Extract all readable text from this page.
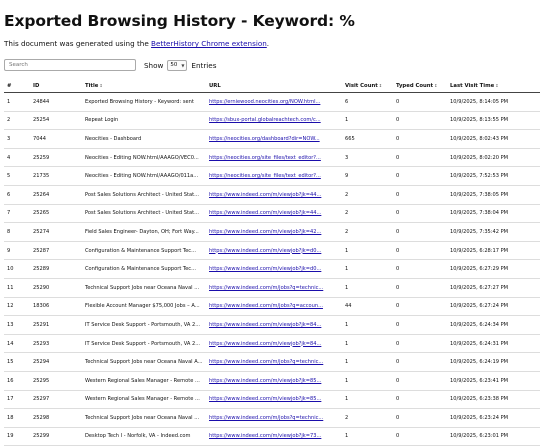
Exported Browsing History - Keyword: %
This document was generated using the BetterHistory Chrome extension.
Search
Show 50 ▼ Entries
#	ID	Title↕	URL	Visit Count↕	Typed Count↕	Last Visit Time↕
1	24844	Exported Browsing History - Keyword: sent	https://erniewood.neocities.org/NOW.html...	6	0	10/9/2025, 8:14:05 PM
2	25254	Repeat Login	https://sbux-portal.globalreachtech.com/c...	1	0	10/9/2025, 8:13:55 PM
3	7044	Neocities - Dashboard	https://neocities.org/dashboard?dir=NOW...	665	0	10/9/2025, 8:02:43 PM
4	25259	Neocities - Editing NOW.html/AAAGO/VEC0...	https://neocities.org/site_files/text_editor?...	3	0	10/9/2025, 8:02:20 PM
5	21735	Neocities - Editing NOW.html/AAAGO/011a...	https://neocities.org/site_files/text_editor?...	9	0	10/9/2025, 7:52:53 PM
6	25264	Post Sales Solutions Architect - United Stat...	https://www.indeed.com/m/viewjob?jk=44...	2	0	10/9/2025, 7:38:05 PM
7	25265	Post Sales Solutions Architect - United Stat...	https://www.indeed.com/m/viewjob?jk=44...	2	0	10/9/2025, 7:38:04 PM
8	25274	Field Sales Engineer- Dayton, OH; Fort Way...	https://www.indeed.com/m/viewjob?jk=42...	2	0	10/9/2025, 7:35:42 PM
9	25287	Configuration & Maintenance Support Tec...	https://www.indeed.com/m/viewjob?jk=d0...	1	0	10/9/2025, 6:28:17 PM
10	25289	Configuration & Maintenance Support Tec...	https://www.indeed.com/m/viewjob?jk=d0...	1	0	10/9/2025, 6:27:29 PM
11	25290	Technical Support Jobs near Oceana Naval ...	https://www.indeed.com/m/jobs?q=technic...	1	0	10/9/2025, 6:27:27 PM
12	18306	Flexible Account Manager $75,000 Jobs – A...	https://www.indeed.com/m/jobs?q=accoun...	44	0	10/9/2025, 6:27:24 PM
13	25291	IT Service Desk Support - Portsmouth, VA 2...	https://www.indeed.com/m/viewjob?jk=84...	1	0	10/9/2025, 6:24:34 PM
14	25293	IT Service Desk Support - Portsmouth, VA 2...	https://www.indeed.com/m/viewjob?jk=84...	1	0	10/9/2025, 6:24:31 PM
15	25294	Technical Support Jobs near Oceana Naval A...	https://www.indeed.com/m/jobs?q=technic...	1	0	10/9/2025, 6:24:19 PM
16	25295	Western Regional Sales Manager - Remote ...	https://www.indeed.com/m/viewjob?jk=85...	1	0	10/9/2025, 6:23:41 PM
17	25297	Western Regional Sales Manager - Remote ...	https://www.indeed.com/m/viewjob?jk=85...	1	0	10/9/2025, 6:23:38 PM
18	25298	Technical Support Jobs near Oceana Naval ...	https://www.indeed.com/m/jobs?q=technic...	2	0	10/9/2025, 6:23:24 PM
19	25299	Desktop Tech I - Norfolk, VA - Indeed.com	https://www.indeed.com/m/viewjob?jk=73...	1	0	10/9/2025, 6:23:01 PM
